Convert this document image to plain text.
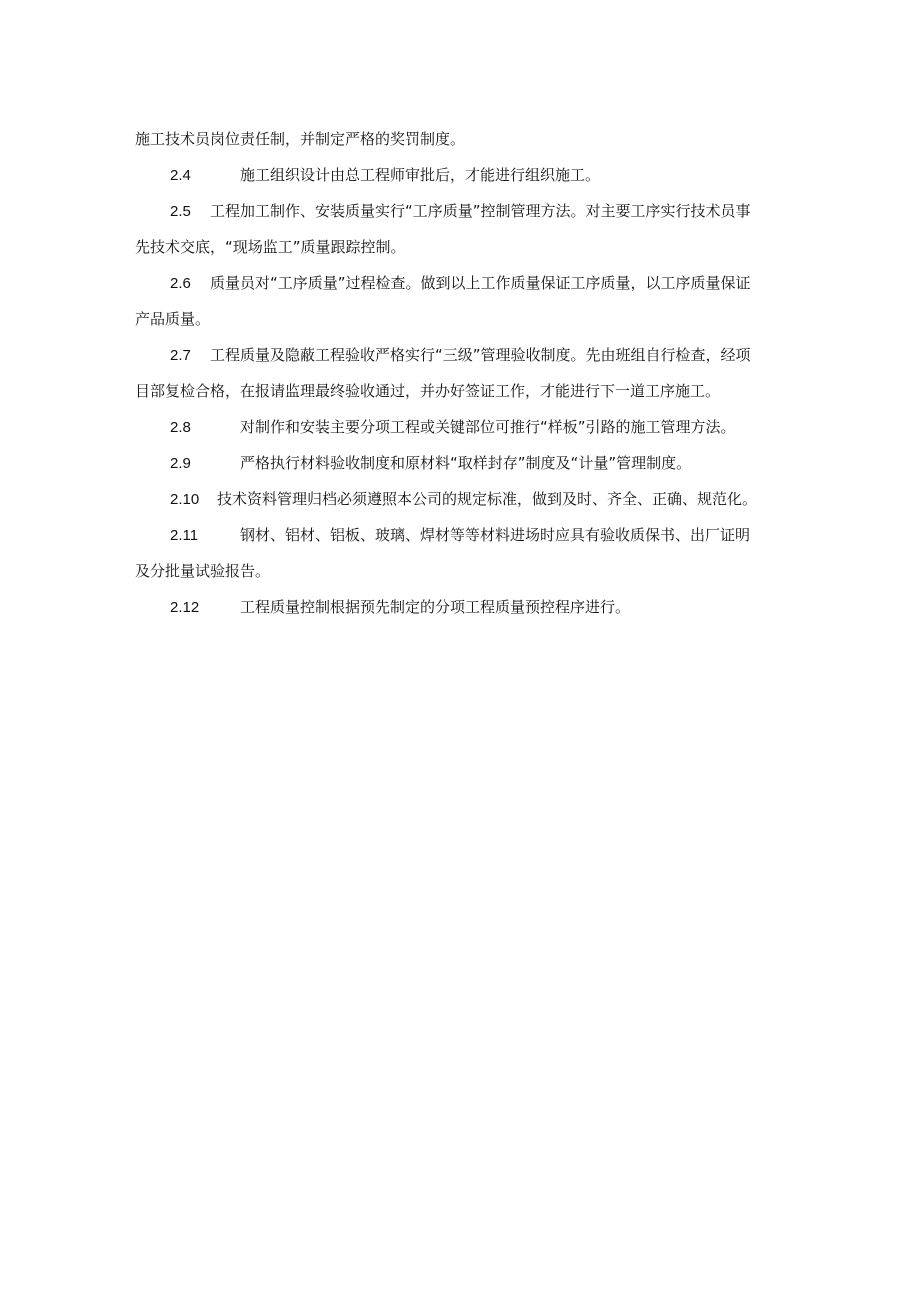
施工技术员岗位责任制，并制定严格的奖罚制度。
2.4	施工组织设计由总工程师审批后，才能进行组织施工。
2.5 工程加工制作、安装质量实行“工序质量”控制管理方法。对主要工序实行技术员事
先技术交底，“现场监工”质量跟踪控制。
2.6 质量员对“工序质量”过程检查。做到以上工作质量保证工序质量，以工序质量保证
产品质量。
2.7 工程质量及隐蔽工程验收严格实行“三级”管理验收制度。先由班组自行检查，经项
目部复检合格，在报请监理最终验收通过，并办好签证工作，才能进行下一道工序施工。
2.8	对制作和安装主要分项工程或关键部位可推行“样板”引路的施工管理方法。
2.9	严格执行材料验收制度和原材料“取样封存”制度及“计量”管理制度。
2.10 技术资料管理归档必须遵照本公司的规定标准，做到及时、齐全、正确、规范化。
2.11	钢材、铝材、铝板、玻璃、焊材等等材料进场时应具有验收质保书、出厂证明
及分批量试验报告。
2.12	工程质量控制根据预先制定的分项工程质量预控程序进行。
